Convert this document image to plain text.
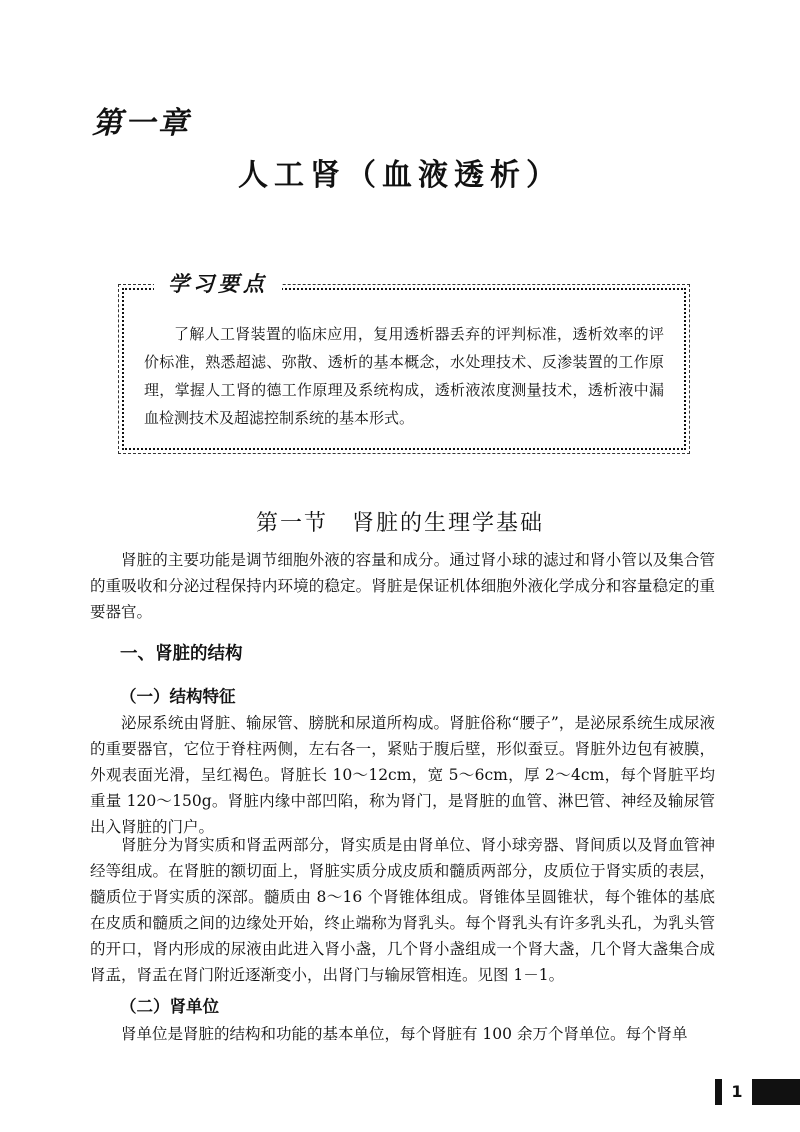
第一章
人工肾（血液透析）
学习要点
了解人工肾装置的临床应用，复用透析器丢弃的评判标准，透析效率的评价标准，熟悉超滤、弥散、透析的基本概念，水处理技术、反渗装置的工作原理，掌握人工肾的德工作原理及系统构成，透析液浓度测量技术，透析液中漏血检测技术及超滤控制系统的基本形式。
第一节 肾脏的生理学基础
肾脏的主要功能是调节细胞外液的容量和成分。通过肾小球的滤过和肾小管以及集合管的重吸收和分泌过程保持内环境的稳定。肾脏是保证机体细胞外液化学成分和容量稳定的重要器官。
一、肾脏的结构
（一）结构特征
泌尿系统由肾脏、输尿管、膀胱和尿道所构成。肾脏俗称“腰子”，是泌尿系统生成尿液的重要器官，它位于脊柱两侧，左右各一，紧贴于腹后壁，形似蚕豆。肾脏外边包有被膜，外观表面光滑，呈红褐色。肾脏长 10～12cm，宽 5～6cm，厚 2～4cm，每个肾脏平均重量 120～150g。肾脏内缘中部凹陷，称为肾门，是肾脏的血管、淋巴管、神经及输尿管出入肾脏的门户。
肾脏分为肾实质和肾盂两部分，肾实质是由肾单位、肾小球旁器、肾间质以及肾血管神经等组成。在肾脏的额切面上，肾脏实质分成皮质和髓质两部分，皮质位于肾实质的表层，髓质位于肾实质的深部。髓质由 8～16 个肾锥体组成。肾锥体呈圆锥状，每个锥体的基底在皮质和髓质之间的边缘处开始，终止端称为肾乳头。每个肾乳头有许多乳头孔，为乳头管的开口，肾内形成的尿液由此进入肾小盏，几个肾小盏组成一个肾大盏，几个肾大盏集合成肾盂，肾盂在肾门附近逐渐变小，出肾门与输尿管相连。见图 1－1。
（二）肾单位
肾单位是肾脏的结构和功能的基本单位，每个肾脏有 100 余万个肾单位。每个肾单
1
